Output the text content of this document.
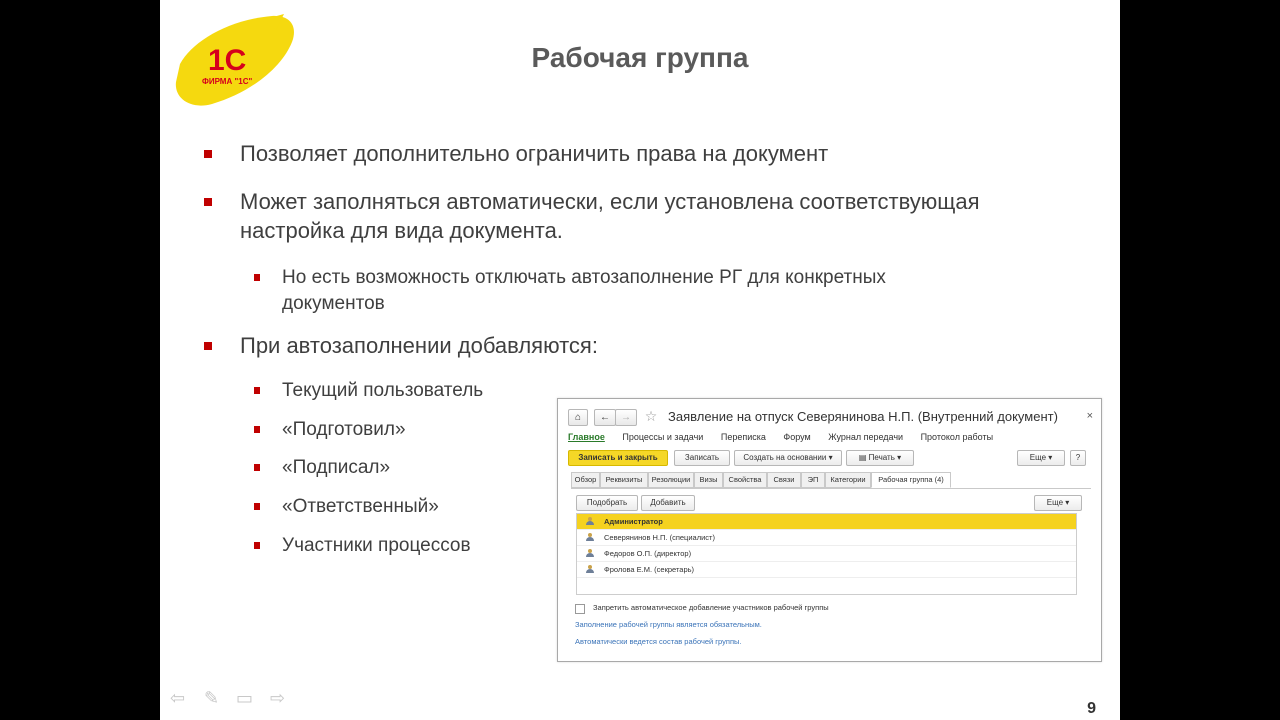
1С
ФИРМА "1С"
Рабочая группа
Позволяет дополнительно ограничить права на документ
Может заполняться автоматически, если установлена соответствующая
настройка для вида документа.
Но есть возможность отключать автозаполнение РГ для конкретных
документов
При автозаполнении добавляются:
Текущий пользователь
«Подготовил»
«Подписал»
«Ответственный»
Участники процессов
⌂	←	→ ☆ Заявление на отпуск Северянинова Н.П. (Внутренний документ)	×
Главное Процессы и задачи Переписка Форум Журнал передачи Протокол работы
Записать и закрыть	Записать	Создать на основании ▾	▤ Печать ▾	Еще ▾	?
Обзор	Реквизиты	Резолюции	Визы	Свойства	Связи	ЭП	Категории	Рабочая группа (4)
Подобрать	Добавить	Еще ▾
Администратор
Северянинов Н.П. (специалист)
Федоров О.П. (директор)
Фролова Е.М. (секретарь)
Запретить автоматическое добавление участников рабочей группы
Заполнение рабочей группы является обязательным.
Автоматически ведется состав рабочей группы.
⇦ ✎ ▭ ⇨
9
